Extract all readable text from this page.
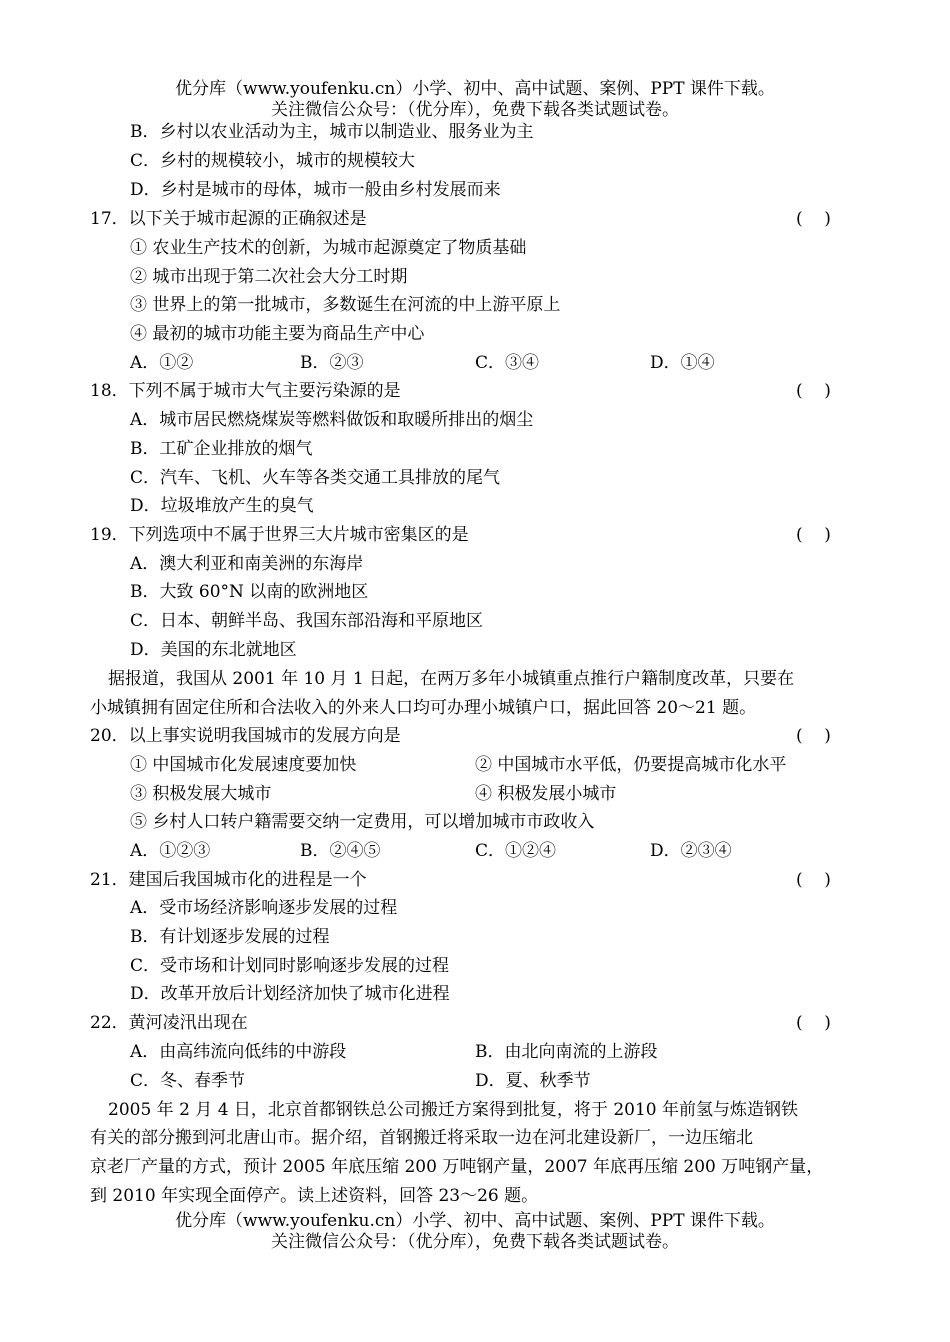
优分库（www.youfenku.cn）小学、初中、高中试题、案例、PPT 课件下载。
关注微信公众号：（优分库），免费下载各类试题试卷。
B．乡村以农业活动为主，城市以制造业、服务业为主
C．乡村的规模较小，城市的规模较大
D．乡村是城市的母体，城市一般由乡村发展而来
17．以下关于城市起源的正确叙述是	(    )
① 农业生产技术的创新，为城市起源奠定了物质基础
② 城市出现于第二次社会大分工时期
③ 世界上的第一批城市，多数诞生在河流的中上游平原上
④ 最初的城市功能主要为商品生产中心
A．①②	B．②③	C．③④	D．①④
18．下列不属于城市大气主要污染源的是	(    )
A．城市居民燃烧煤炭等燃料做饭和取暖所排出的烟尘
B．工矿企业排放的烟气
C．汽车、飞机、火车等各类交通工具排放的尾气
D．垃圾堆放产生的臭气
19．下列选项中不属于世界三大片城市密集区的是	(    )
A．澳大利亚和南美洲的东海岸
B．大致 60°N 以南的欧洲地区
C．日本、朝鲜半岛、我国东部沿海和平原地区
D．美国的东北就地区
据报道，我国从 2001 年 10 月 1 日起，在两万多年小城镇重点推行户籍制度改革，只要在
小城镇拥有固定住所和合法收入的外来人口均可办理小城镇户口，据此回答 20～21 题。
20．以上事实说明我国城市的发展方向是	(    )
① 中国城市化发展速度要加快	② 中国城市水平低，仍要提高城市化水平
③ 积极发展大城市	④ 积极发展小城市
⑤ 乡村人口转户籍需要交纳一定费用，可以增加城市市政收入
A．①②③	B．②④⑤	C．①②④	D．②③④
21．建国后我国城市化的进程是一个	(    )
A．受市场经济影响逐步发展的过程
B．有计划逐步发展的过程
C．受市场和计划同时影响逐步发展的过程
D．改革开放后计划经济加快了城市化进程
22．黄河凌汛出现在	(    )
A．由高纬流向低纬的中游段	B．由北向南流的上游段
C．冬、春季节	D．夏、秋季节
2005 年 2 月 4 日，北京首都钢铁总公司搬迁方案得到批复，将于 2010 年前氢与炼造钢铁
有关的部分搬到河北唐山市。据介绍，首钢搬迁将采取一边在河北建设新厂，一边压缩北
京老厂产量的方式，预计 2005 年底压缩 200 万吨钢产量，2007 年底再压缩 200 万吨钢产量，
到 2010 年实现全面停产。读上述资料，回答 23～26 题。
优分库（www.youfenku.cn）小学、初中、高中试题、案例、PPT 课件下载。
关注微信公众号：（优分库），免费下载各类试题试卷。
